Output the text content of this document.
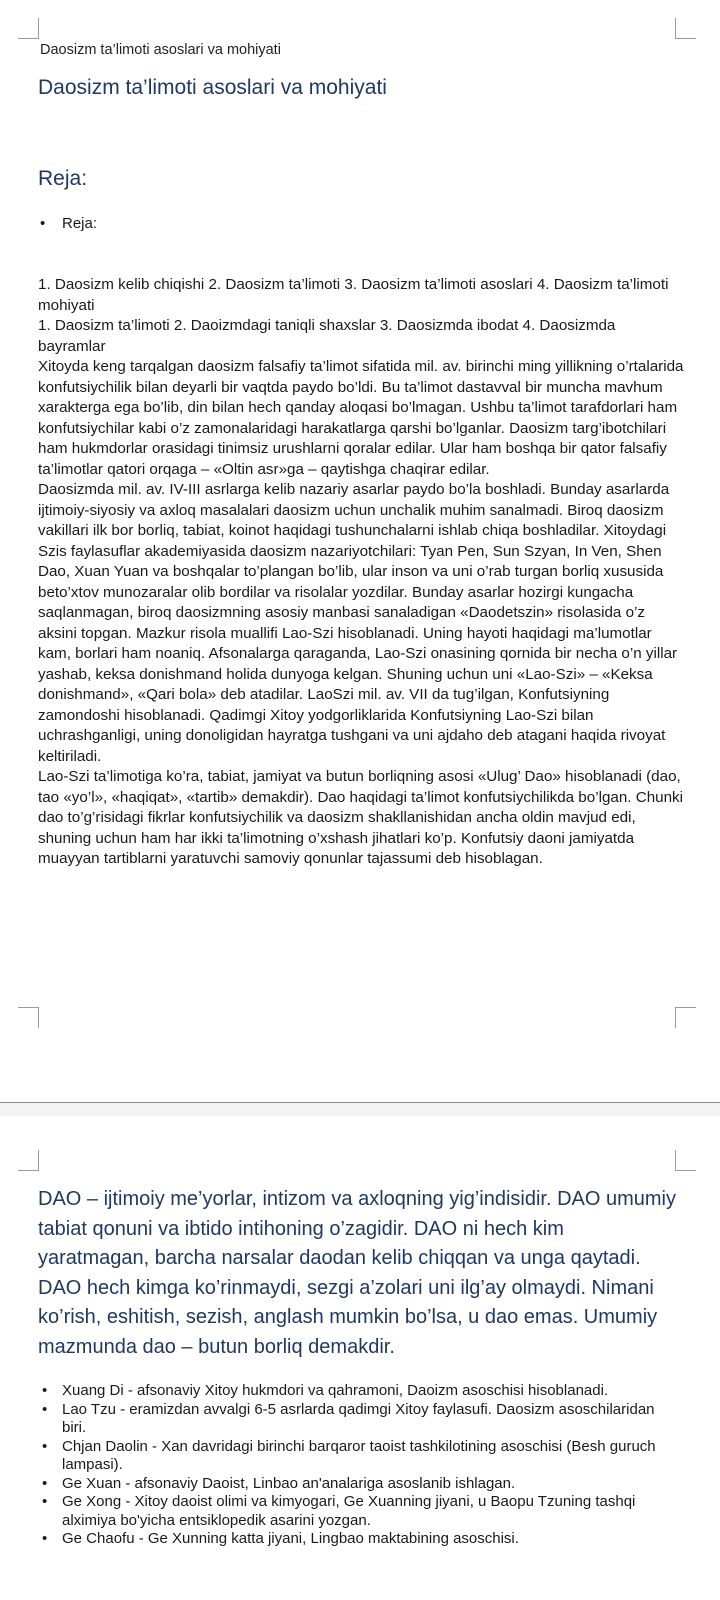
Daosizm ta’limoti asoslari va mohiyati
Daosizm ta’limoti asoslari va mohiyati
Reja:
• Reja:

1. Daosizm kelib chiqishi 2. Daosizm ta’limoti 3. Daosizm ta’limoti asoslari 4. Daosizm ta’limoti mohiyati

1. Daosizm ta’limoti 2. Daoizmdagi taniqli shaxslar 3. Daosizmda ibodat 4. Daosizmda bayramlar

Xitoyda keng tarqalgan daosizm falsafiy ta’limot sifatida mil. av. birinchi ming yillikning o’rtalarida konfutsiychilik bilan deyarli bir vaqtda paydo bo’ldi. Bu ta’limot dastavval bir muncha mavhum xarakterga ega bo’lib, din bilan hech qanday aloqasi bo’lmagan. Ushbu ta’limot tarafdorlari ham konfutsiychilar kabi o’z zamonalaridagi harakatlarga qarshi bo’lganlar. Daosizm targ’ibotchilari ham hukmdorlar orasidagi tinimsiz urushlarni qoralar edilar. Ular ham boshqa bir qator falsafiy ta’limotlar qatori orqaga – «Oltin asr»ga – qaytishga chaqirar edilar.

Daosizmda mil. av. IV-III asrlarga kelib nazariy asarlar paydo bo’la boshladi. Bunday asarlarda ijtimoiy-siyosiy va axloq masalalari daosizm uchun unchalik muhim sanalmadi. Biroq daosizm vakillari ilk bor borliq, tabiat, koinot haqidagi tushunchalarni ishlab chiqa boshladilar. Xitoydagi Szis faylasuflar akademiyasida daosizm nazariyotchilari: Tyan Pen, Sun Szyan, In Ven, Shen Dao, Xuan Yuan va boshqalar to’plangan bo’lib, ular inson va uni o’rab turgan borliq xususida beto’xtov munozaralar olib bordilar va risolalar yozdilar. Bunday asarlar hozirgi kungacha saqlanmagan, biroq daosizmning asosiy manbasi sanaladigan «Daodetszin» risolasida o’z aksini topgan. Mazkur risola muallifi Lao-Szi hisoblanadi. Uning hayoti haqidagi ma’lumotlar kam, borlari ham noaniq. Afsonalarga qaraganda, Lao-Szi onasining qornida bir necha o’n yillar yashab, keksa donishmand holida dunyoga kelgan. Shuning uchun uni «Lao-Szi» – «Keksa donishmand», «Qari bola» deb atadilar. LaoSzi mil. av. VII da tug’ilgan, Konfutsiyning zamondoshi hisoblanadi. Qadimgi Xitoy yodgorliklarida Konfutsiyning Lao-Szi bilan uchrashganligi, uning donoligidan hayratga tushgani va uni ajdaho deb atagani haqida rivoyat keltiriladi.

Lao-Szi ta’limotiga ko’ra, tabiat, jamiyat va butun borliqning asosi «Ulug’ Dao» hisoblanadi (dao, tao «yo’l», «haqiqat», «tartib» demakdir). Dao haqidagi ta’limot konfutsiychilikda bo’lgan. Chunki dao to’g’risidagi fikrlar konfutsiychilik va daosizm shakllanishidan ancha oldin mavjud edi, shuning uchun ham har ikki ta’limotning o’xshash jihatlari ko’p. Konfutsiy daoni jamiyatda muayyan tartiblarni yaratuvchi samoviy qonunlar tajassumi deb hisoblagan.

DAO – ijtimoiy me’yorlar, intizom va axloqning yig’indisidir. DAO umumiy tabiat qonuni va ibtido intihoning o’zagidir. DAO ni hech kim yaratmagan, barcha narsalar daodan kelib chiqqan va unga qaytadi. DAO hech kimga ko’rinmaydi, sezgi a’zolari uni ilg’ay olmaydi. Nimani ko’rish, eshitish, sezish, anglash mumkin bo’lsa, u dao emas. Umumiy mazmunda dao – butun borliq demakdir.
• Xuang Di - afsonaviy Xitoy hukmdori va qahramoni, Daoizm asoschisi hisoblanadi.
• Lao Tzu - eramizdan avvalgi 6-5 asrlarda qadimgi Xitoy faylasufi. Daosizm asoschilaridan biri.
• Chjan Daolin - Xan davridagi birinchi barqaror taoist tashkilotining asoschisi (Besh guruch lampasi).
• Ge Xuan - afsonaviy Daoist, Linbao an'analariga asoslanib ishlagan.
• Ge Xong - Xitoy daoist olimi va kimyogari, Ge Xuanning jiyani, u Baopu Tzuning tashqi alximiya bo'yicha entsiklopedik asarini yozgan.
• Ge Chaofu - Ge Xunning katta jiyani, Lingbao maktabining asoschisi.
